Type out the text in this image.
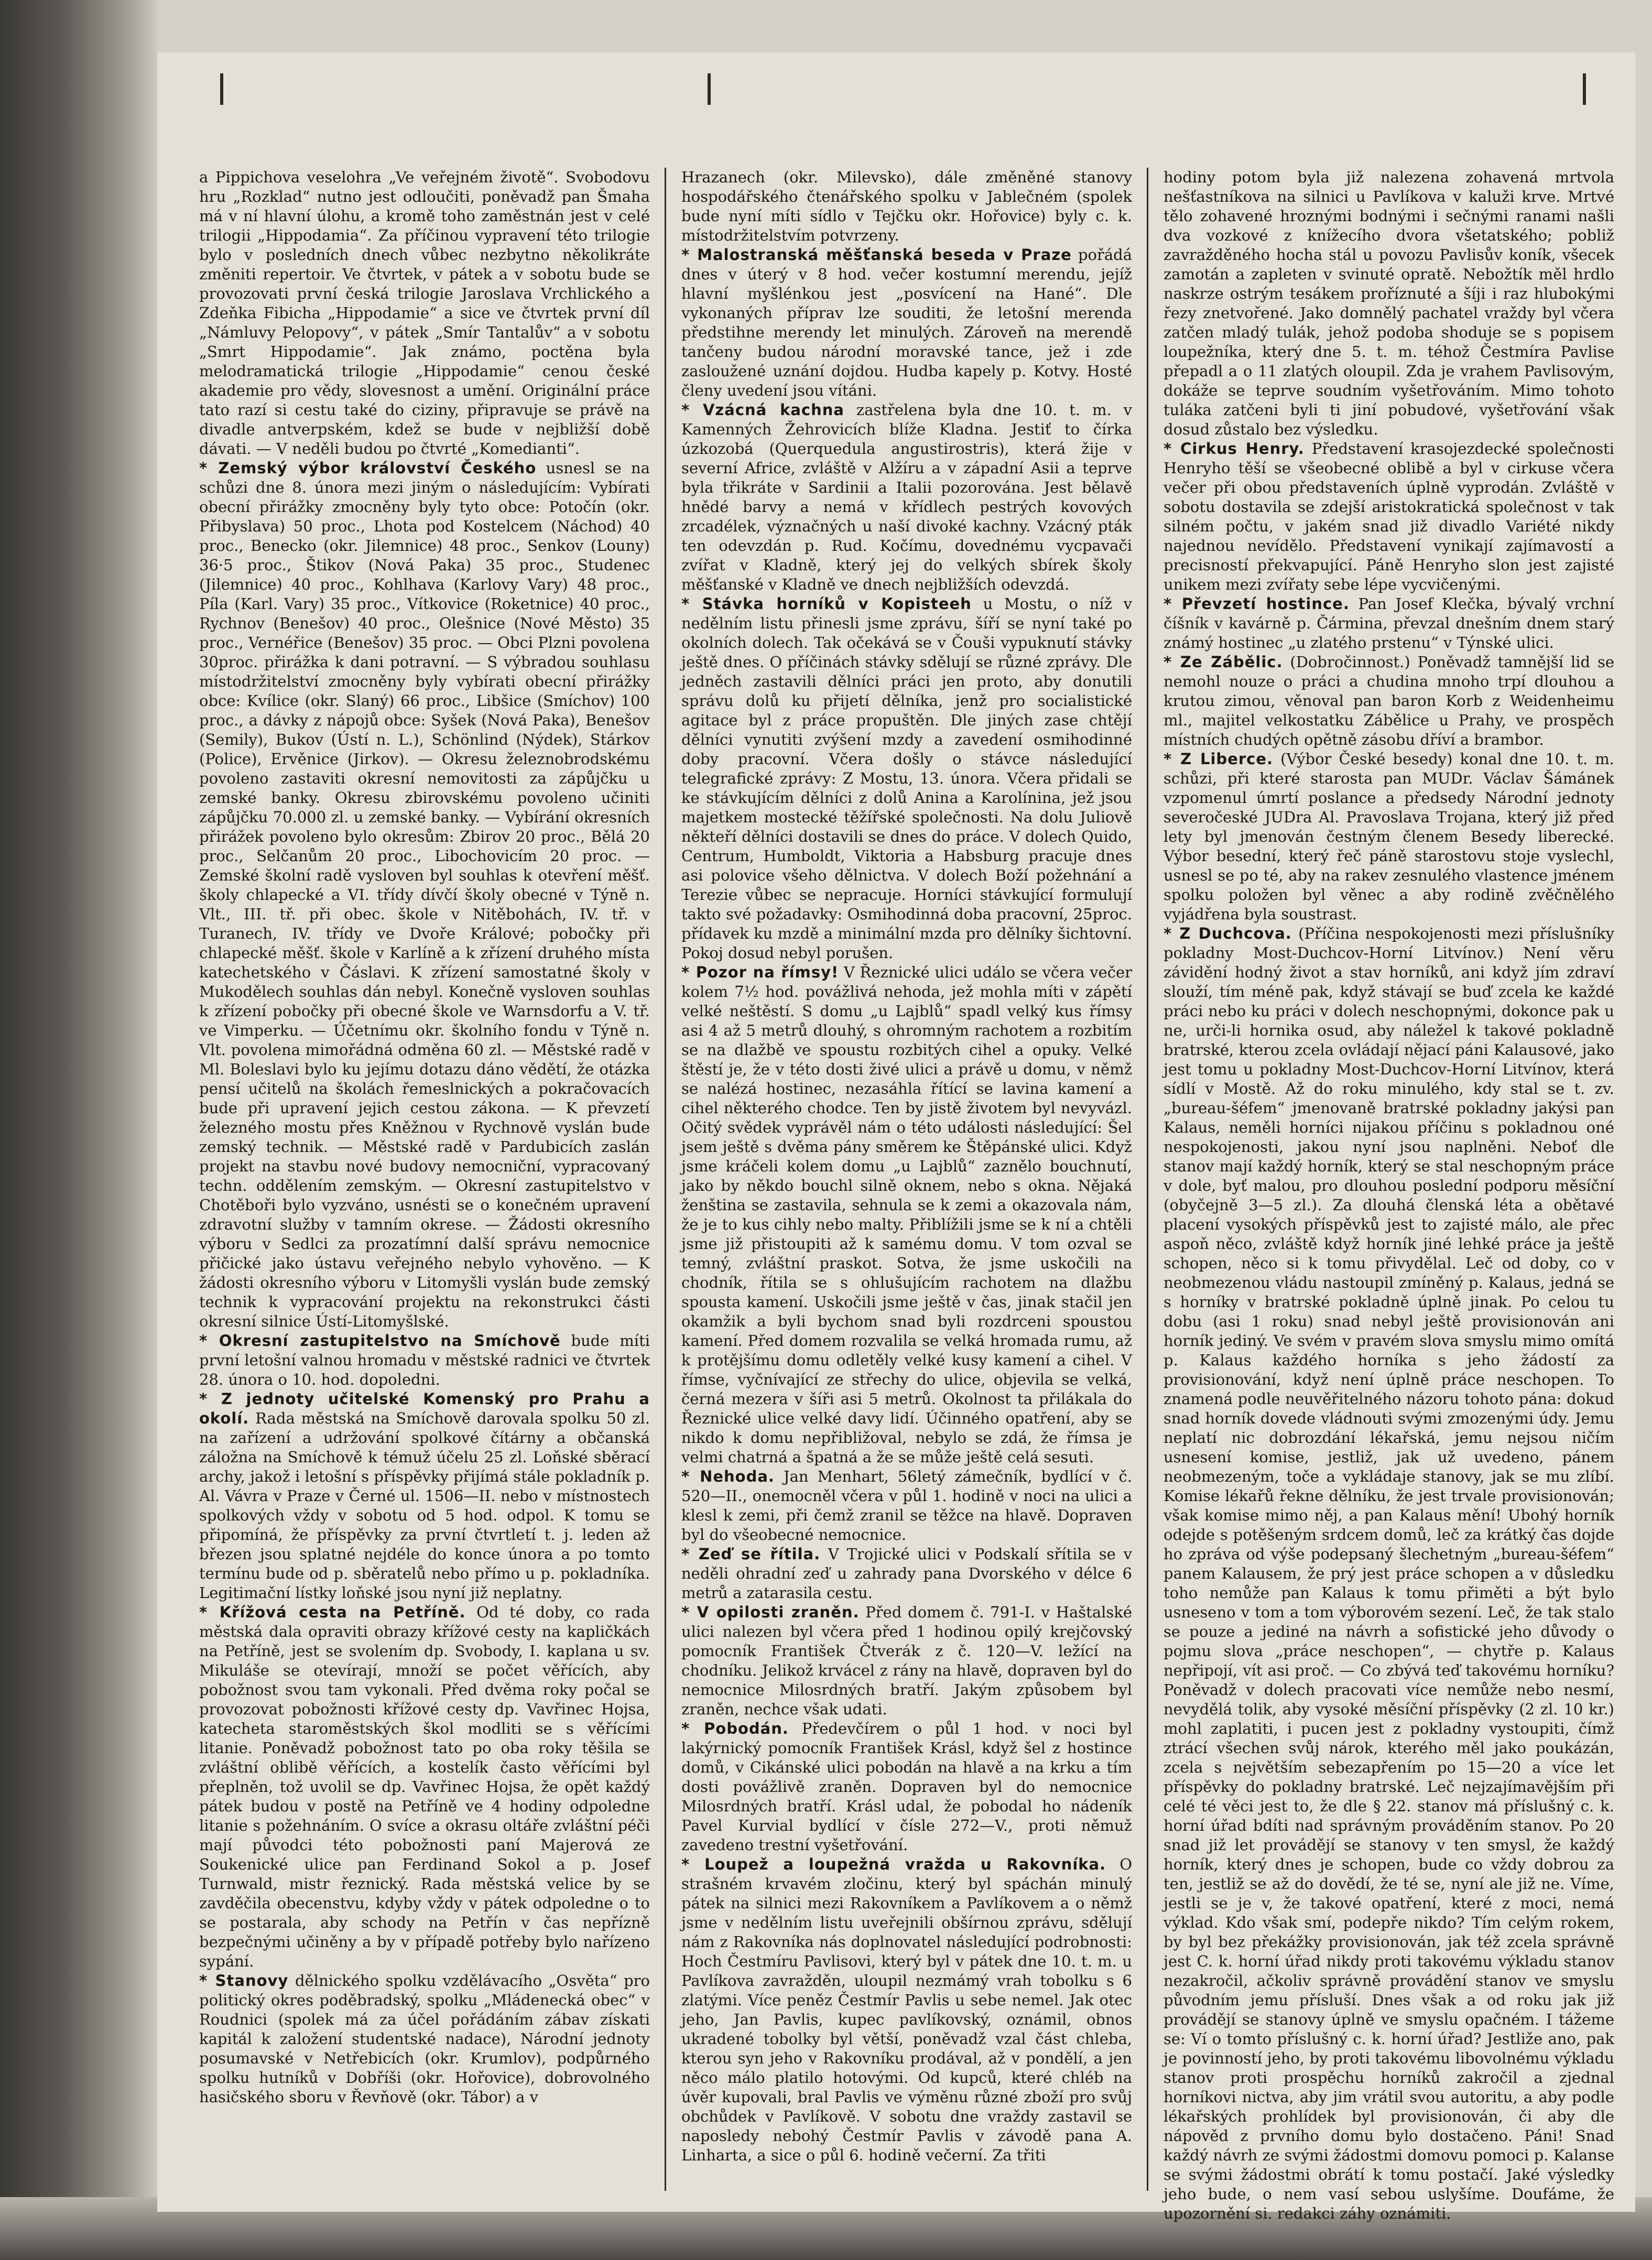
a Pippichova veselohra „Ve veřejném životě“. Svobodovu hru „Rozklad“ nutno jest odloučiti, poněvadž pan Šmaha má v ní hlavní úlohu, a kromě toho zaměstnán jest v celé trilogii „Hippodamia“. Za příčinou vypravení této trilogie bylo v posledních dnech vůbec nezbytno několikráte změniti repertoir. Ve čtvrtek, v pátek a v sobotu bude se provozovati první česká trilogie Jaroslava Vrchlického a Zdeňka Fibicha „Hippodamie“ a sice ve čtvrtek první díl „Námluvy Pelopovy“, v pátek „Smír Tantalův“ a v sobotu „Smrt Hippodamie“. Jak známo, poctěna byla melodramatická trilogie „Hippodamie“ cenou české akademie pro vědy, slovesnost a umění. Originální práce tato razí si cestu také do ciziny, připravuje se právě na divadle antverpském, kdež se bude v nejbližší době dávati. — V neděli budou po čtvrté „Komedianti“.

* Zemský výbor království Českého usnesl se na schůzi dne 8. února mezi jiným o následujícím: Vybírati obecní přirážky zmocněny byly tyto obce: Potočín (okr. Přibyslava) 50 proc., Lhota pod Kostelcem (Náchod) 40 proc., Benecko (okr. Jilemnice) 48 proc., Senkov (Louny) 36·5 proc., Štikov (Nová Paka) 35 proc., Studenec (Jilemnice) 40 proc., Kohlhava (Karlovy Vary) 48 proc., Píla (Karl. Vary) 35 proc., Vítkovice (Roketnice) 40 proc., Rychnov (Benešov) 40 proc., Olešnice (Nové Město) 35 proc., Vernéřice (Benešov) 35 proc. — Obci Plzni povolena 30proc. přirážka k dani potravní. — S výbradou souhlasu místodržitelství zmocněny byly vybírati obecní přirážky obce: Kvílice (okr. Slaný) 66 proc., Libšice (Smíchov) 100 proc., a dávky z nápojů obce: Syšek (Nová Paka), Benešov (Semily), Bukov (Ústí n. L.), Schönlind (Nýdek), Stárkov (Police), Ervěnice (Jirkov). — Okresu železnobrodskému povoleno zastaviti okresní nemovitosti za zápůjčku u zemské banky. Okresu zbirovskému povoleno učiniti zápůjčku 70.000 zl. u zemské banky. — Vybírání okresních přirážek povoleno bylo okresům: Zbirov 20 proc., Bělá 20 proc., Selčanům 20 proc., Libochovicím 20 proc. — Zemské školní radě vysloven byl souhlas k otevření měšť. školy chlapecké a VI. třídy dívčí školy obecné v Týně n. Vlt., III. tř. při obec. škole v Nitěbohách, IV. tř. v Turanech, IV. třídy ve Dvoře Králové; pobočky při chlapecké měšť. škole v Karlíně a k zřízení druhého místa katechetského v Čáslavi. K zřízení samostatné školy v Mukodělech souhlas dán nebyl. Konečně vysloven souhlas k zřízení pobočky při obecné škole ve Warnsdorfu a V. tř. ve Vimperku. — Účetnímu okr. školního fondu v Týně n. Vlt. povolena mimořádná odměna 60 zl. — Městské radě v Ml. Boleslavi bylo ku jejímu dotazu dáno vědětí, že otázka pensí učitelů na školách řemeslnických a pokračovacích bude při upravení jejich cestou zákona. — K převzetí železného mostu přes Kněžnou v Rychnově vyslán bude zemský technik. — Městské radě v Pardubicích zaslán projekt na stavbu nové budovy nemocniční, vypracovaný techn. oddělením zemským. — Okresní zastupitelstvo v Chotěboři bylo vyzváno, usnésti se o konečném upravení zdravotní služby v tamním okrese. — Žádosti okresního výboru v Sedlci za prozatímní další správu nemocnice přičické jako ústavu veřejného nebylo vyhověno. — K žádosti okresního výboru v Litomyšli vyslán bude zemský technik k vypracování projektu na rekonstrukci části okresní silnice Ústí-Litomyšlské.

* Okresní zastupitelstvo na Smíchově bude míti první letošní valnou hromadu v městské radnici ve čtvrtek 28. února o 10. hod. dopoledni.

* Z jednoty učitelské Komenský pro Prahu a okolí. Rada městská na Smíchově darovala spolku 50 zl. na zařízení a udržování spolkové čítárny a občanská záložna na Smíchově k témuž účelu 25 zl. Loňské sběrací archy, jakož i letošní s příspěvky přijímá stále pokladník p. Al. Vávra v Praze v Černé ul. 1506—II. nebo v místnostech spolkových vždy v sobotu od 5 hod. odpol. K tomu se připomíná, že příspěvky za první čtvrtletí t. j. leden až březen jsou splatné nejdéle do konce února a po tomto termínu bude od p. sběratelů nebo přímo u p. pokladníka. Legitimační lístky loňské jsou nyní již neplatny.

* Křížová cesta na Petříně. Od té doby, co rada městská dala opraviti obrazy křížové cesty na kapličkách na Petříně, jest se svolením dp. Svobody, I. kaplana u sv. Mikuláše se otevírají, množí se počet věřících, aby pobožnost svou tam vykonali. Před dvěma roky počal se provozovat pobožnosti křížové cesty dp. Vavřinec Hojsa, katecheta staroměstských škol modliti se s věřícími litanie. Poněvadž pobožnost tato po oba roky těšila se zvláštní oblibě věřících, a kostelík často věřícími byl přeplněn, tož uvolil se dp. Vavřinec Hojsa, že opět každý pátek budou v postě na Petříně ve 4 hodiny odpoledne litanie s požehnáním. O svíce a okrasu oltáře zvláštní péči mají původci této pobožnosti paní Majerová ze Soukenické ulice pan Ferdinand Sokol a p. Josef Turnwald, mistr řeznický. Rada městská velice by se zavděčila obecenstvu, kdyby vždy v pátek odpoledne o to se postarala, aby schody na Petřín v čas nepřízně bezpečnými učiněny a by v případě potřeby bylo nařízeno sypání.

* Stanovy dělnického spolku vzdělávacího „Osvěta“ pro politický okres poděbradský, spolku „Mládenecká obec“ v Roudnici (spolek má za účel pořádáním zábav získati kapitál k založení studentské nadace), Národní jednoty posumavské v Netřebicích (okr. Krumlov), podpůrného spolku hutníků v Dobříši (okr. Hořovice), dobrovolného hasičského sboru v Řevňově (okr. Tábor) a v

Hrazanech (okr. Milevsko), dále změněné stanovy hospodářského čtenářského spolku v Jablečném (spolek bude nyní míti sídlo v Tejčku okr. Hořovice) byly c. k. místodržitelstvím potvrzeny.

* Malostranská měšťanská beseda v Praze pořádá dnes v úterý v 8 hod. večer kostumní merendu, jejíž hlavní myšlénkou jest „posvícení na Hané“. Dle vykonaných příprav lze souditi, že letošní merenda předstihne merendy let minulých. Zároveň na merendě tančeny budou národní moravské tance, jež i zde zasloužené uznání dojdou. Hudba kapely p. Kotvy. Hosté členy uvedení jsou vítáni.

* Vzácná kachna zastřelena byla dne 10. t. m. v Kamenných Žehrovicích blíže Kladna. Jestiť to čírka úzkozobá (Querquedula angustirostris), která žije v severní Africe, zvláště v Alžíru a v západní Asii a teprve byla třikráte v Sardinii a Italii pozorována. Jest bělavě hnědé barvy a nemá v křídlech pestrých kovových zrcadélek, význačných u naší divoké kachny. Vzácný pták ten odevzdán p. Rud. Kočímu, dovednému vycpavači zvířat v Kladně, který jej do velkých sbírek školy měšťanské v Kladně ve dnech nejbližších odevzdá.

* Stávka horníků v Kopisteeh u Mostu, o níž v nedělním listu přinesli jsme zprávu, šíří se nyní také po okolních dolech. Tak očekává se v Čouši vypuknutí stávky ještě dnes. O příčinách stávky sdělují se různé zprávy. Dle jedněch zastavili dělníci práci jen proto, aby donutili správu dolů ku přijetí dělníka, jenž pro socialistické agitace byl z práce propuštěn. Dle jiných zase chtějí dělníci vynutiti zvýšení mzdy a zavedení osmihodinné doby pracovní. Včera došly o stávce následující telegrafické zprávy: Z Mostu, 13. února. Včera přidali se ke stávkujícím dělníci z dolů Anina a Karolínina, jež jsou majetkem mostecké těžířské společnosti. Na dolu Juliově někteří dělníci dostavili se dnes do práce. V dolech Quido, Centrum, Humboldt, Viktoria a Habsburg pracuje dnes asi polovice všeho dělnictva. V dolech Boží požehnání a Terezie vůbec se nepracuje. Horníci stávkující formulují takto své požadavky: Osmihodinná doba pracovní, 25proc. přídavek ku mzdě a minimální mzda pro dělníky šichtovní. Pokoj dosud nebyl porušen.

* Pozor na římsy! V Řeznické ulici událo se včera večer kolem 7½ hod. povážlivá nehoda, jež mohla míti v zápětí velké neštěstí. S domu „u Lajblů“ spadl velký kus římsy asi 4 až 5 metrů dlouhý, s ohromným rachotem a rozbitím se na dlažbě ve spoustu rozbitých cihel a opuky. Velké štěstí je, že v této dosti živé ulici a právě u domu, v němž se nalézá hostinec, nezasáhla řítící se lavina kamení a cihel některého chodce. Ten by jistě životem byl nevyvázl. Očitý svědek vyprávěl nám o této události následující: Šel jsem ještě s dvěma pány směrem ke Štěpánské ulici. Když jsme kráčeli kolem domu „u Lajblů“ zaznělo bouchnutí, jako by někdo bouchl silně oknem, nebo s okna. Nějaká ženština se zastavila, sehnula se k zemi a okazovala nám, že je to kus cihly nebo malty. Přiblížili jsme se k ní a chtěli jsme již přistoupiti až k samému domu. V tom ozval se temný, zvláštní praskot. Sotva, že jsme uskočili na chodník, řítila se s ohlušujícím rachotem na dlažbu spousta kamení. Uskočili jsme ještě v čas, jinak stačil jen okamžik a byli bychom snad byli rozdrceni spoustou kamení. Před domem rozvalila se velká hromada rumu, až k protějšímu domu odletěly velké kusy kamení a cihel. V římse, vyčnívající ze střechy do ulice, objevila se velká, černá mezera v šíři asi 5 metrů. Okolnost ta přilákala do Řeznické ulice velké davy lidí. Účinného opatření, aby se nikdo k domu nepřibližoval, nebylo se zdá, že římsa je velmi chatrná a špatná a že se může ještě celá sesuti.

* Nehoda. Jan Menhart, 56letý zámečník, bydlící v č. 520—II., onemocněl včera v půl 1. hodině v noci na ulici a klesl k zemi, při čemž zranil se těžce na hlavě. Dopraven byl do všeobecné nemocnice.

* Zeď se řítila. V Trojické ulici v Podskalí sřítila se v neděli ohradní zeď u zahrady pana Dvorského v délce 6 metrů a zatarasila cestu.

* V opilosti zraněn. Před domem č. 791-I. v Haštalské ulici nalezen byl včera před 1 hodinou opilý krejčovský pomocník František Čtverák z č. 120—V. ležící na chodníku. Jelikož krvácel z rány na hlavě, dopraven byl do nemocnice Milosrdných bratří. Jakým způsobem byl zraněn, nechce však udati.

* Pobodán. Předevčírem o půl 1 hod. v noci byl lakýrnický pomocník František Krásl, když šel z hostince domů, v Cikánské ulici pobodán na hlavě a na krku a tím dosti povážlivě zraněn. Dopraven byl do nemocnice Milosrdných bratří. Krásl udal, že pobodal ho nádeník Pavel Kurvial bydlící v čísle 272—V., proti němuž zavedeno trestní vyšetřování.

* Loupež a loupežná vražda u Rakovníka. O strašném krvavém zločinu, který byl spáchán minulý pátek na silnici mezi Rakovníkem a Pavlíkovem a o němž jsme v nedělním listu uveřejnili obšírnou zprávu, sdělují nám z Rakovníka nás doplnovatel následující podrobnosti: Hoch Čestmíru Pavlisovi, který byl v pátek dne 10. t. m. u Pavlíkova zavražděn, uloupil nezmámý vrah tobolku s 6 zlatými. Více peněz Čestmír Pavlis u sebe nemel. Jak otec jeho, Jan Pavlis, kupec pavlíkovský, oznámil, obnos ukradené tobolky byl větší, poněvadž vzal část chleba, kterou syn jeho v Rakovníku prodával, až v pondělí, a jen něco málo platilo hotovými. Od kupců, které chléb na úvěr kupovali, bral Pavlis ve výměnu různé zboží pro svůj obchůdek v Pavlíkově. V sobotu dne vraždy zastavil se naposledy nebohý Čestmír Pavlis v závodě pana A. Linharta, a sice o půl 6. hodině večerní. Za třiti

hodiny potom byla již nalezena zohavená mrtvola nešťastníkova na silnici u Pavlíkova v kaluži krve. Mrtvé tělo zohavené hroznými bodnými i sečnými ranami našli dva vozkové z knížecího dvora všetatského; pobliž zavražděného hocha stál u povozu Pavlisův koník, všecek zamotán a zapleten v svinuté opratě. Nebožtík měl hrdlo naskrze ostrým tesákem proříznuté a šíji i raz hlubokými řezy znetvořené. Jako domnělý pachatel vraždy byl včera zatčen mladý tulák, jehož podoba shoduje se s popisem loupežníka, který dne 5. t. m. téhož Čestmíra Pavlise přepadl a o 11 zlatých oloupil. Zda je vrahem Pavlisovým, dokáže se teprve soudním vyšetřováním. Mimo tohoto tuláka zatčeni byli ti jiní pobudové, vyšetřování však dosud zůstalo bez výsledku.

* Cirkus Henry. Představení krasojezdecké společnosti Henryho těší se všeobecné oblibě a byl v cirkuse včera večer při obou představeních úplně vyprodán. Zvláště v sobotu dostavila se zdejší aristokratická společnost v tak silném počtu, v jakém snad již divadlo Variété nikdy najednou nevídělo. Představení vynikají zajímavostí a precisností překvapující. Páně Henryho slon jest zajisté unikem mezi zvířaty sebe lépe vycvičenými.

* Převzetí hostince. Pan Josef Klečka, bývalý vrchní číšník v kavárně p. Čármina, převzal dnešním dnem starý známý hostinec „u zlatého prstenu“ v Týnské ulici.

* Ze Zábělic. (Dobročinnost.) Poněvadž tamnější lid se nemohl nouze o práci a chudina mnoho trpí dlouhou a krutou zimou, věnoval pan baron Korb z Weidenheimu ml., majitel velkostatku Zábělice u Prahy, ve prospěch místních chudých opětně zásobu dříví a brambor.

* Z Liberce. (Výbor České besedy) konal dne 10. t. m. schůzi, při které starosta pan MUDr. Václav Šámánek vzpomenul úmrtí poslance a předsedy Národní jednoty severočeské JUDra Al. Pravoslava Trojana, který již před lety byl jmenován čestným členem Besedy liberecké. Výbor besední, který řeč páně starostovu stoje vyslechl, usnesl se po té, aby na rakev zesnulého vlastence jménem spolku položen byl věnec a aby rodině zvěčnělého vyjádřena byla soustrast.

* Z Duchcova. (Příčina nespokojenosti mezi příslušníky pokladny Most-Duchcov-Horní Litvínov.) Není věru závidění hodný život a stav horníků, ani když jím zdraví slouží, tím méně pak, když stávají se buď zcela ke každé práci nebo ku práci v dolech neschopnými, dokonce pak u ne, urči-li hornika osud, aby náležel k takové pokladně bratrské, kterou zcela ovládají nějací páni Kalausové, jako jest tomu u pokladny Most-Duchcov-Horní Litvínov, která sídlí v Mostě. Až do roku minulého, kdy stal se t. zv. „bureau-šéfem“ jmenovaně bratrské pokladny jakýsi pan Kalaus, neměli horníci nijakou příčinu s pokladnou oné nespokojenosti, jakou nyní jsou naplněni. Neboť dle stanov mají každý horník, který se stal neschopným práce v dole, byť malou, pro dlouhou poslední podporu měsíční (obyčejně 3—5 zl.). Za dlouhá členská léta a obětavé placení vysokých příspěvků jest to zajisté málo, ale přec aspoň něco, zvláště když horník jiné lehké práce ja ještě schopen, něco si k tomu přivydělal. Leč od doby, co v neobmezenou vládu nastoupil zmíněný p. Kalaus, jedná se s horníky v bratrské pokladně úplně jinak. Po celou tu dobu (asi 1 roku) snad nebyl ještě provisionován ani horník jediný. Ve svém v pravém slova smyslu mimo omítá p. Kalaus každého horníka s jeho žádostí za provisionování, když není úplně práce neschopen. To znamená podle neuvěřitelného názoru tohoto pána: dokud snad horník dovede vládnouti svými zmozenými údy. Jemu neplatí nic dobrozdání lékařská, jemu nejsou ničím usnesení komise, jestliž, jak už uvedeno, pánem neobmezeným, toče a vykládaje stanovy, jak se mu zlíbí. Komise lékařů řekne dělníku, že jest trvale provisionován; však komise mimo něj, a pan Kalaus mění! Ubohý horník odejde s potěšeným srdcem domů, leč za krátký čas dojde ho zpráva od výše podepsaný šlechetným „bureau-šéfem“ panem Kalausem, že prý jest práce schopen a v důsledku toho nemůže pan Kalaus k tomu přiměti a být bylo usneseno v tom a tom výborovém sezení. Leč, že tak stalo se pouze a jediné na návrh a sofistické jeho důvody o pojmu slova „práce neschopen“, — chytře p. Kalaus nepřipojí, vít asi proč. — Co zbývá teď takovému horníku? Poněvadž v dolech pracovati více nemůže nebo nesmí, nevydělá tolik, aby vysoké měsíční příspěvky (2 zl. 10 kr.) mohl zaplatiti, i pucen jest z pokladny vystoupiti, čímž ztrácí všechen svůj nárok, kterého měl jako poukázán, zcela s největším sebezapřením po 15—20 a více let příspěvky do pokladny bratrské. Leč nejzajímavějším při celé té věci jest to, že dle § 22. stanov má příslušný c. k. horní úřad bdíti nad správným prováděním stanov. Po 20 snad již let provádějí se stanovy v ten smysl, že každý horník, který dnes je schopen, bude co vždy dobrou za ten, jestliž se až do dovědí, že té se, nyní ale již ne. Víme, jestli se je v, že takové opatření, které z moci, nemá výklad. Kdo však smí, podepře nikdo? Tím celým rokem, by byl bez překážky provisionován, jak též zcela správně jest C. k. horní úřad nikdy proti takovému výkladu stanov nezakročil, ačkoliv správně provádění stanov ve smyslu původním jemu přísluší. Dnes však a od roku jak již provádějí se stanovy úplně ve smyslu opačném. I tážeme se: Ví o tomto příslušný c. k. horní úřad? Jestliže ano, pak je povinností jeho, by proti takovému libovolnému výkladu stanov proti prospěchu horníků zakročil a zjednal horníkovi nictva, aby jim vrátil svou autoritu, a aby podle lékařských prohlídek byl provisionován, či aby dle nápověd z prvního domu bylo dostačeno. Páni! Snad každý návrh ze svými žádostmi domovu pomoci p. Kalanse se svými žádostmi obrátí k tomu postačí. Jaké výsledky jeho bude, o nem vasí sebou uslyšíme. Doufáme, že upozornění si. redakci záhy oznámiti.
